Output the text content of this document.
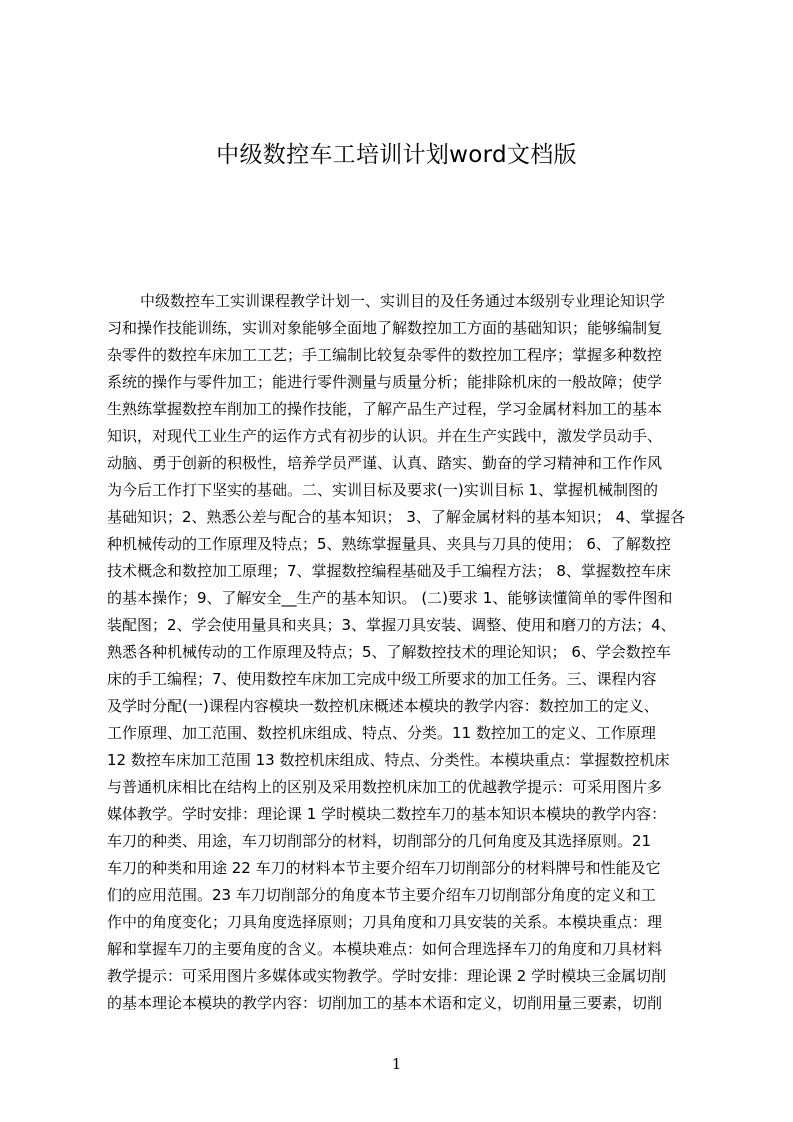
中级数控车工培训计划word文档版
中级数控车工实训课程教学计划一、实训目的及任务通过本级别专业理论知识学
习和操作技能训练，实训对象能够全面地了解数控加工方面的基础知识；能够编制复
杂零件的数控车床加工工艺；手工编制比较复杂零件的数控加工程序；掌握多种数控
系统的操作与零件加工；能进行零件测量与质量分析；能排除机床的一般故障；使学
生熟练掌握数控车削加工的操作技能，了解产品生产过程，学习金属材料加工的基本
知识，对现代工业生产的运作方式有初步的认识。并在生产实践中，激发学员动手、
动脑、勇于创新的积极性，培养学员严谨、认真、踏实、勤奋的学习精神和工作作风
为今后工作打下坚实的基础。二、实训目标及要求(一)实训目标 1、掌握机械制图的
基础知识；2、熟悉公差与配合的基本知识； 3、了解金属材料的基本知识； 4、掌握各
种机械传动的工作原理及特点；5、熟练掌握量具、夹具与刀具的使用； 6、了解数控
技术概念和数控加工原理；7、掌握数控编程基础及手工编程方法； 8、掌握数控车床
的基本操作；9、了解安全__生产的基本知识。 (二)要求 1、能够读懂简单的零件图和
装配图；2、学会使用量具和夹具；3、掌握刀具安装、调整、使用和磨刀的方法；4、
熟悉各种机械传动的工作原理及特点；5、了解数控技术的理论知识； 6、学会数控车
床的手工编程；7、使用数控车床加工完成中级工所要求的加工任务。三、课程内容
及学时分配(一)课程内容模块一数控机床概述本模块的教学内容：数控加工的定义、
工作原理、加工范围、数控机床组成、特点、分类。11 数控加工的定义、工作原理
12 数控车床加工范围 13 数控机床组成、特点、分类性。本模块重点：掌握数控机床
与普通机床相比在结构上的区别及采用数控机床加工的优越教学提示：可采用图片多
媒体教学。学时安排：理论课 1 学时模块二数控车刀的基本知识本模块的教学内容：
车刀的种类、用途，车刀切削部分的材料，切削部分的几何角度及其选择原则。21
车刀的种类和用途 22 车刀的材料本节主要介绍车刀切削部分的材料牌号和性能及它
们的应用范围。23 车刀切削部分的角度本节主要介绍车刀切削部分角度的定义和工
作中的角度变化；刀具角度选择原则；刀具角度和刀具安装的关系。本模块重点：理
解和掌握车刀的主要角度的含义。本模块难点：如何合理选择车刀的角度和刀具材料
教学提示：可采用图片多媒体或实物教学。学时安排：理论课 2 学时模块三金属切削
的基本理论本模块的教学内容：切削加工的基本术语和定义，切削用量三要素，切削
1
